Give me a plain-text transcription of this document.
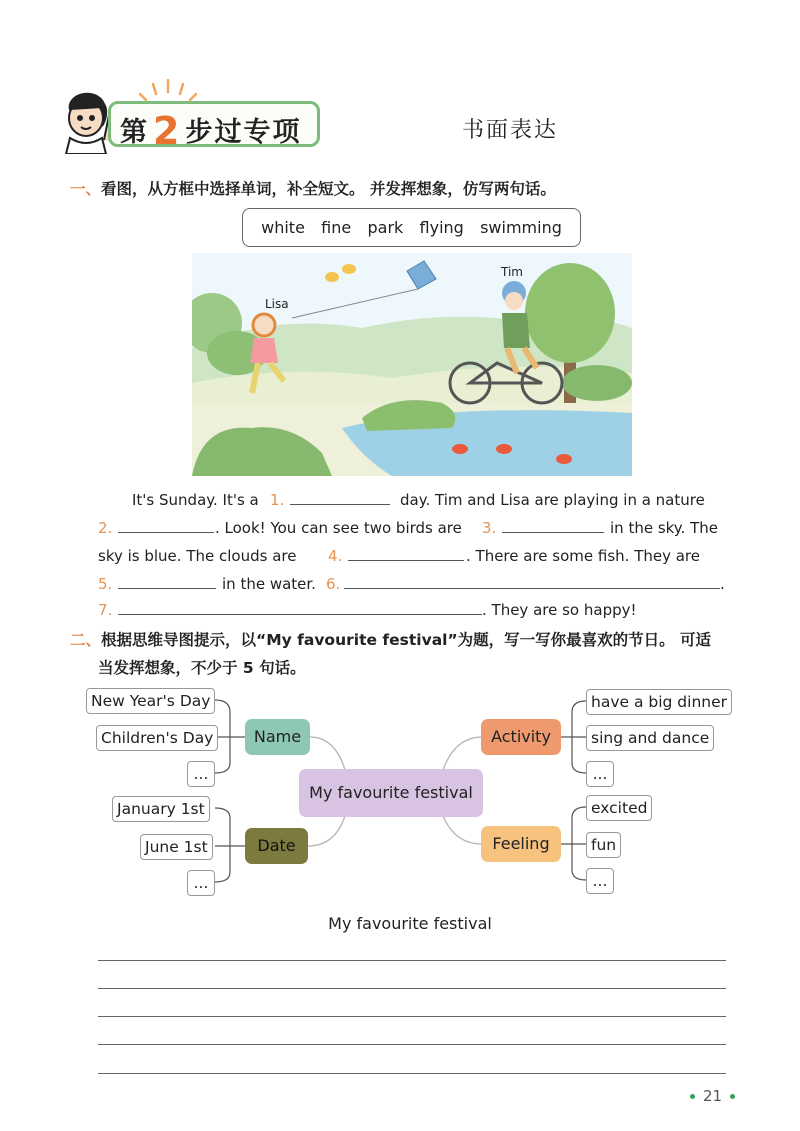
第 2 步过专项	书面表达
一、看图，从方框中选择单词，补全短文。 并发挥想象，仿写两句话。
white fine park flying swimming
Lisa
Tim
It's Sunday. It's a 1.	day. Tim and Lisa are playing in a nature
2.	. Look! You can see two birds are 3.	in the sky. The
sky is blue. The clouds are 4.	. There are some fish. They are
5.	in the water. 6.	.
7.	. They are so happy!
二、根据思维导图提示，以“My favourite festival”为题，写一写你最喜欢的节日。 可适
当发挥想象，不少于 5 句话。
New Year's Day
Children's Day
...
Name
January 1st
June 1st
...
Date
My favourite festival
Activity
have a big dinner
sing and dance
...
Feeling
excited
fun
...
My favourite festival
21
